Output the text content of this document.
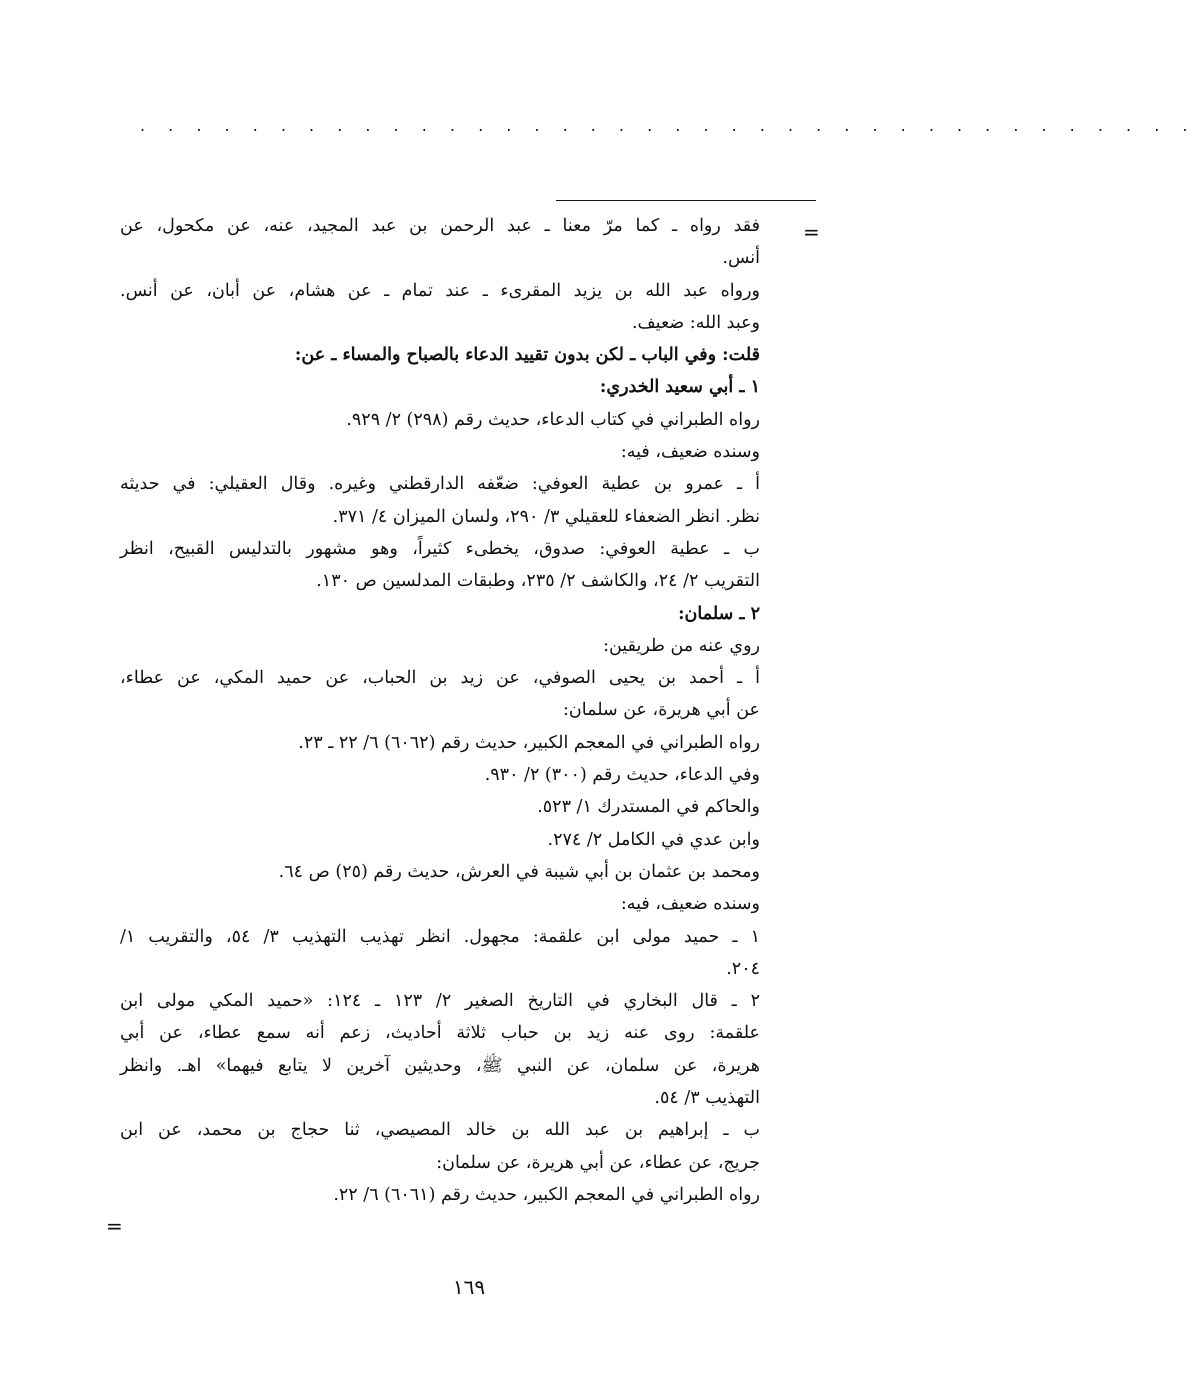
. . . . . . . . . . . . . . . . . . . . . . . . . . . . . . . . . . . . . .
=
فقد رواه ـ كما مرّ معنا ـ عبد الرحمن بن عبد المجيد، عنه، عن مكحول، عن
أنس.
ورواه عبد الله بن يزيد المقرىء ـ عند تمام ـ عن هشام، عن أبان، عن أنس.
وعبد الله: ضعيف.
قلت: وفي الباب ـ لكن بدون تقييد الدعاء بالصباح والمساء ـ عن:
١ ـ أبي سعيد الخدري:
رواه الطبراني في كتاب الدعاء، حديث رقم (٢٩٨) ٢/ ٩٢٩.
وسنده ضعيف، فيه:
أ ـ عمرو بن عطية العوفي: ضعّفه الدارقطني وغيره. وقال العقيلي: في حديثه
نظر. انظر الضعفاء للعقيلي ٣/ ٢٩٠، ولسان الميزان ٤/ ٣٧١.
ب ـ عطية العوفي: صدوق، يخطىء كثيراً، وهو مشهور بالتدليس القبيح، انظر
التقريب ٢/ ٢٤، والكاشف ٢/ ٢٣٥، وطبقات المدلسين ص ١٣٠.
٢ ـ سلمان:
روي عنه من طريقين:
أ ـ أحمد بن يحيى الصوفي، عن زيد بن الحباب، عن حميد المكي، عن عطاء،
عن أبي هريرة، عن سلمان:
رواه الطبراني في المعجم الكبير، حديث رقم (٦٠٦٢) ٦/ ٢٢ ـ ٢٣.
وفي الدعاء، حديث رقم (٣٠٠) ٢/ ٩٣٠.
والحاكم في المستدرك ١/ ٥٢٣.
وابن عدي في الكامل ٢/ ٢٧٤.
ومحمد بن عثمان بن أبي شيبة في العرش، حديث رقم (٢٥) ص ٦٤.
وسنده ضعيف، فيه:
١ ـ حميد مولى ابن علقمة: مجهول. انظر تهذيب التهذيب ٣/ ٥٤، والتقريب ١/
٢٠٤.
٢ ـ قال البخاري في التاريخ الصغير ٢/ ١٢٣ ـ ١٢٤: «حميد المكي مولى ابن
علقمة: روى عنه زيد بن حباب ثلاثة أحاديث، زعم أنه سمع عطاء، عن أبي
هريرة، عن سلمان، عن النبي ﷺ، وحديثين آخرين لا يتابع فيهما» اهـ. وانظر
التهذيب ٣/ ٥٤.
ب ـ إبراهيم بن عبد الله بن خالد المصيصي، ثنا حجاج بن محمد، عن ابن
جريج، عن عطاء، عن أبي هريرة، عن سلمان:
رواه الطبراني في المعجم الكبير، حديث رقم (٦٠٦١) ٦/ ٢٢.
=
١٦٩
